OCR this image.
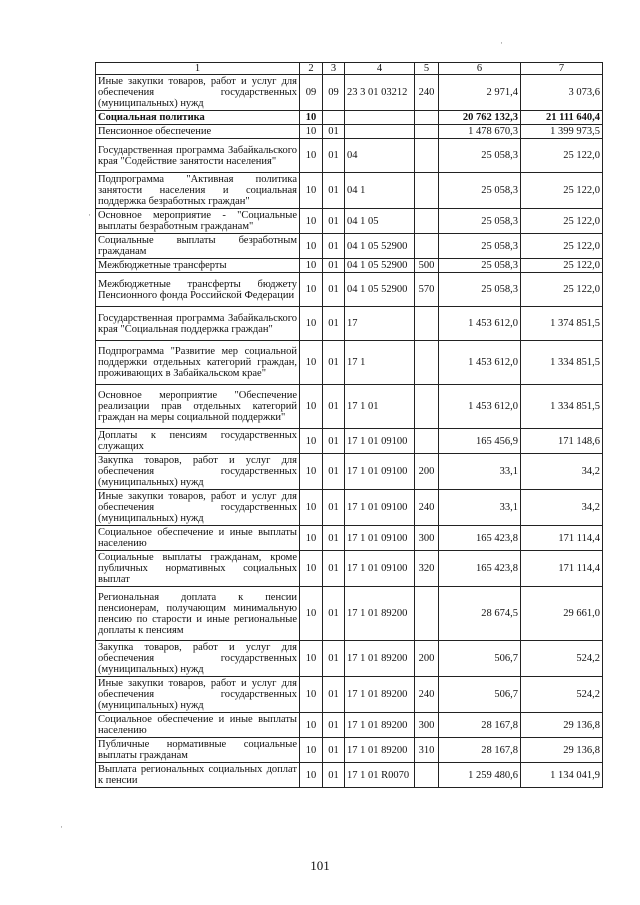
·
·
·
1	2	3	4	5	6	7
Иные закупки товаров, работ и услуг для обеспечения государственных (муниципальных) нужд	09	09	23 3 01 03212	240	2 971,4	3 073,6
Социальная политика	10				20 762 132,3	21 111 640,4
Пенсионное обеспечение	10	01			1 478 670,3	1 399 973,5
Государственная программа Забайкальского края "Содействие занятости населения"	10	01	04		25 058,3	25 122,0
Подпрограмма "Активная политика занятости населения и социальная поддержка безработных граждан"	10	01	04 1		25 058,3	25 122,0
Основное мероприятие - "Социальные выплаты безработным гражданам"	10	01	04 1 05		25 058,3	25 122,0
Социальные выплаты безработным гражданам	10	01	04 1 05 52900		25 058,3	25 122,0
Межбюджетные трансферты	10	01	04 1 05 52900	500	25 058,3	25 122,0
Межбюджетные трансферты бюджету Пенсионного фонда Российской Федерации	10	01	04 1 05 52900	570	25 058,3	25 122,0
Государственная программа Забайкальского края "Социальная поддержка граждан"	10	01	17		1 453 612,0	1 374 851,5
Подпрограмма "Развитие мер социальной поддержки отдельных категорий граждан, проживающих в Забайкальском крае"	10	01	17 1		1 453 612,0	1 334 851,5
Основное мероприятие "Обеспечение реализации прав отдельных категорий граждан на меры социальной поддержки"	10	01	17 1 01		1 453 612,0	1 334 851,5
Доплаты к пенсиям государственных служащих	10	01	17 1 01 09100		165 456,9	171 148,6
Закупка товаров, работ и услуг для обеспечения государственных (муниципальных) нужд	10	01	17 1 01 09100	200	33,1	34,2
Иные закупки товаров, работ и услуг для обеспечения государственных (муниципальных) нужд	10	01	17 1 01 09100	240	33,1	34,2
Социальное обеспечение и иные выплаты населению	10	01	17 1 01 09100	300	165 423,8	171 114,4
Социальные выплаты гражданам, кроме публичных нормативных социальных выплат	10	01	17 1 01 09100	320	165 423,8	171 114,4
Региональная доплата к пенсии пенсионерам, получающим минимальную пенсию по старости и иные региональные доплаты к пенсиям	10	01	17 1 01 89200		28 674,5	29 661,0
Закупка товаров, работ и услуг для обеспечения государственных (муниципальных) нужд	10	01	17 1 01 89200	200	506,7	524,2
Иные закупки товаров, работ и услуг для обеспечения государственных (муниципальных) нужд	10	01	17 1 01 89200	240	506,7	524,2
Социальное обеспечение и иные выплаты населению	10	01	17 1 01 89200	300	28 167,8	29 136,8
Публичные нормативные социальные выплаты гражданам	10	01	17 1 01 89200	310	28 167,8	29 136,8
Выплата региональных социальных доплат к пенсии	10	01	17 1 01 R0070		1 259 480,6	1 134 041,9
101
